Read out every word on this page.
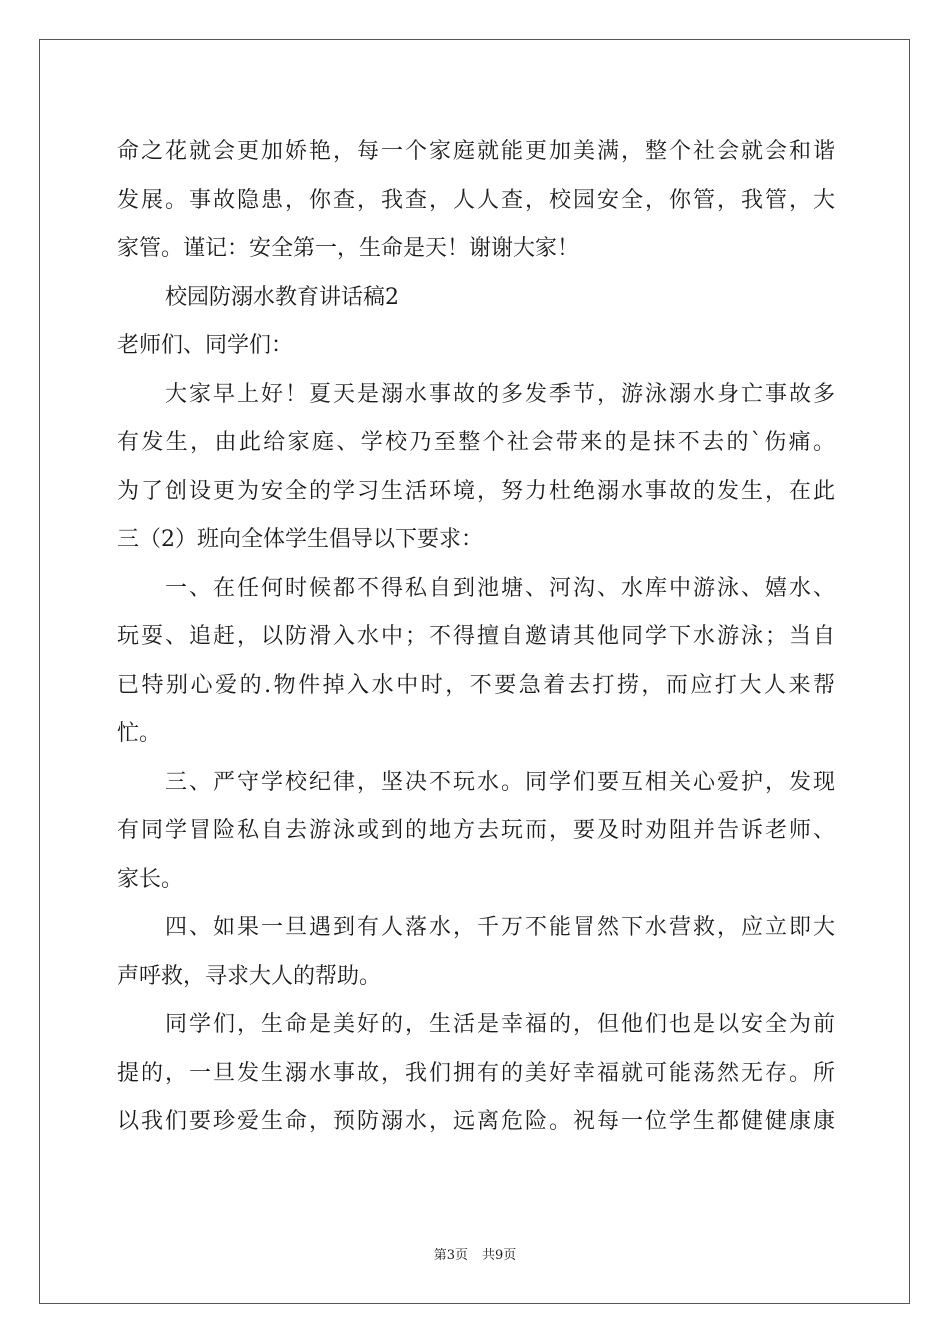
命之花就会更加娇艳，每一个家庭就能更加美满，整个社会就会和谐
发展。事故隐患，你查，我查，人人查，校园安全，你管，我管，大
家管。谨记：安全第一，生命是天！谢谢大家！
校园防溺水教育讲话稿2
老师们、同学们：
大家早上好！夏天是溺水事故的多发季节，游泳溺水身亡事故多
有发生，由此给家庭、学校乃至整个社会带来的是抹不去的`伤痛。
为了创设更为安全的学习生活环境，努力杜绝溺水事故的发生，在此
三（2）班向全体学生倡导以下要求：
一、在任何时候都不得私自到池塘、河沟、水库中游泳、嬉水、
玩耍、追赶，以防滑入水中；不得擅自邀请其他同学下水游泳；当自
已特别心爱的.物件掉入水中时，不要急着去打捞，而应打大人来帮
忙。
三、严守学校纪律，坚决不玩水。同学们要互相关心爱护，发现
有同学冒险私自去游泳或到的地方去玩而，要及时劝阻并告诉老师、
家长。
四、如果一旦遇到有人落水，千万不能冒然下水营救，应立即大
声呼救，寻求大人的帮助。
同学们，生命是美好的，生活是幸福的，但他们也是以安全为前
提的，一旦发生溺水事故，我们拥有的美好幸福就可能荡然无存。所
以我们要珍爱生命，预防溺水，远离危险。祝每一位学生都健健康康
第3页 共9页
